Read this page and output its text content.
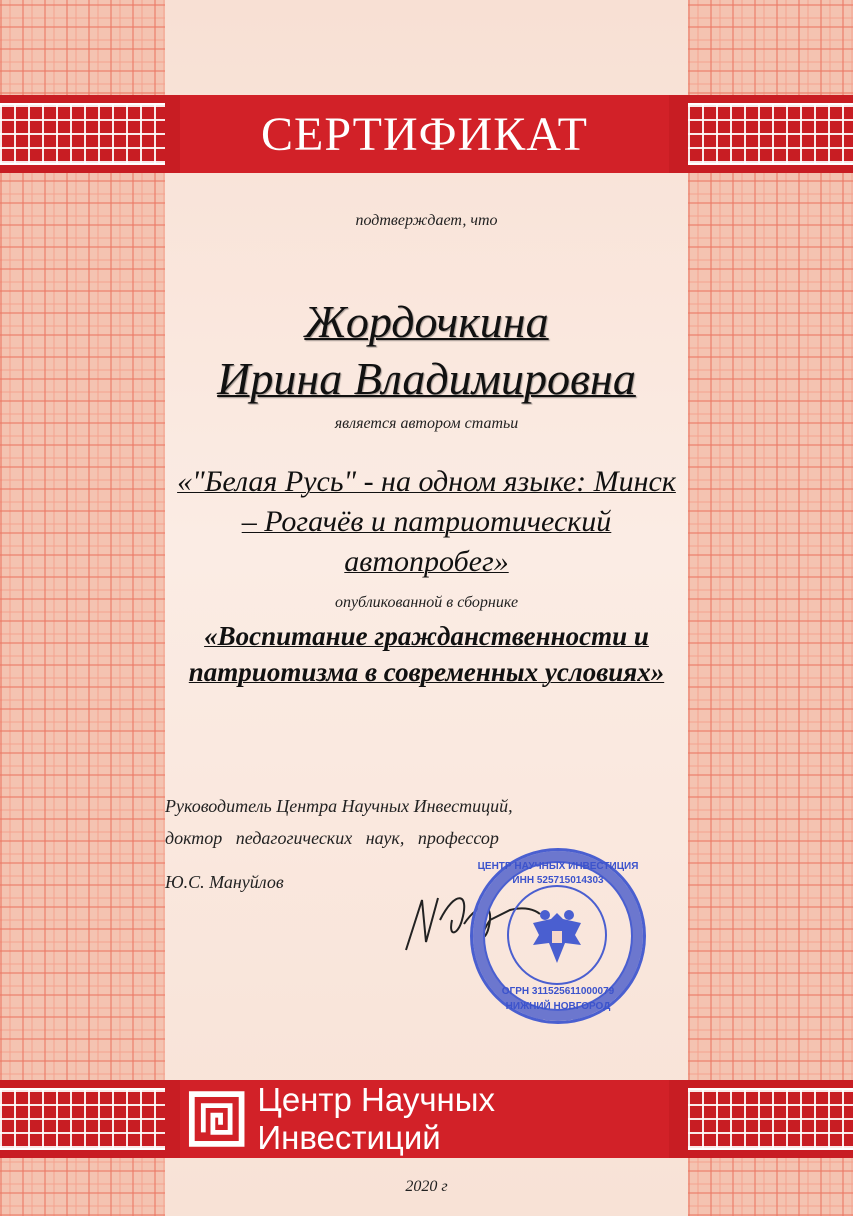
СЕРТИФИКАТ
подтверждает, что
Жордочкина
Ирина Владимировна
является автором статьи
«"Белая Русь" - на одном языке: Минск
– Рогачёв и патриотический
автопробег»
опубликованной в сборнике
«Воспитание гражданственности и
патриотизма в современных условиях»
Руководитель Центра Научных Инвестиций,
доктор   педагогических   наук,   профессор
Ю.С. Мануйлов
ЦЕНТР НАУЧНЫХ ИНВЕСТИЦИЯ
ИНН 525715014303
ОГРН 311525611000079
НИЖНИЙ НОВГОРОД
Центр Научных Инвестиций
2020 г
